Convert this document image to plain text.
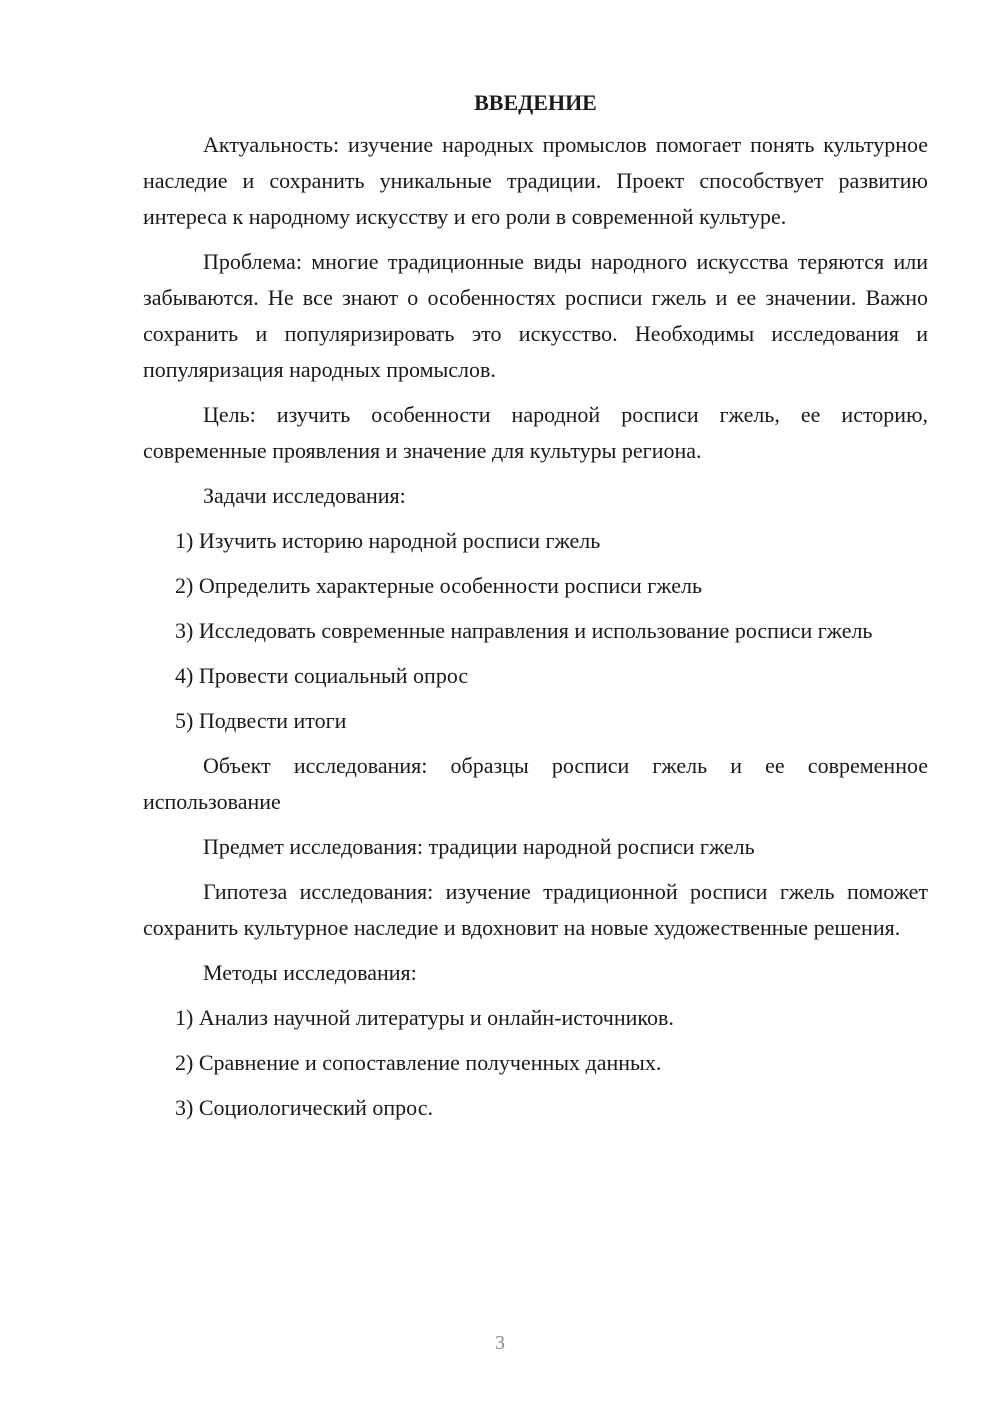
ВВЕДЕНИЕ

Актуальность: изучение народных промыслов помогает понять культурное наследие и сохранить уникальные традиции. Проект способствует развитию интереса к народному искусству и его роли в современной культуре.

Проблема: многие традиционные виды народного искусства теряются или забываются. Не все знают о особенностях росписи гжель и ее значении. Важно сохранить и популяризировать это искусство. Необходимы исследования и популяризация народных промыслов.

Цель: изучить особенности народной росписи гжель, ее историю, современные проявления и значение для культуры региона.

Задачи исследования:

1) Изучить историю народной росписи гжель

2) Определить характерные особенности росписи гжель

3) Исследовать современные направления и использование росписи гжель

4) Провести социальный опрос

5) Подвести итоги

Объект исследования: образцы росписи гжель и ее современное использование

Предмет исследования: традиции народной росписи гжель

Гипотеза исследования: изучение традиционной росписи гжель поможет сохранить культурное наследие и вдохновит на новые художественные решения.

Методы исследования:

1) Анализ научной литературы и онлайн-источников.

2) Сравнение и сопоставление полученных данных.

3) Социологический опрос.

3
